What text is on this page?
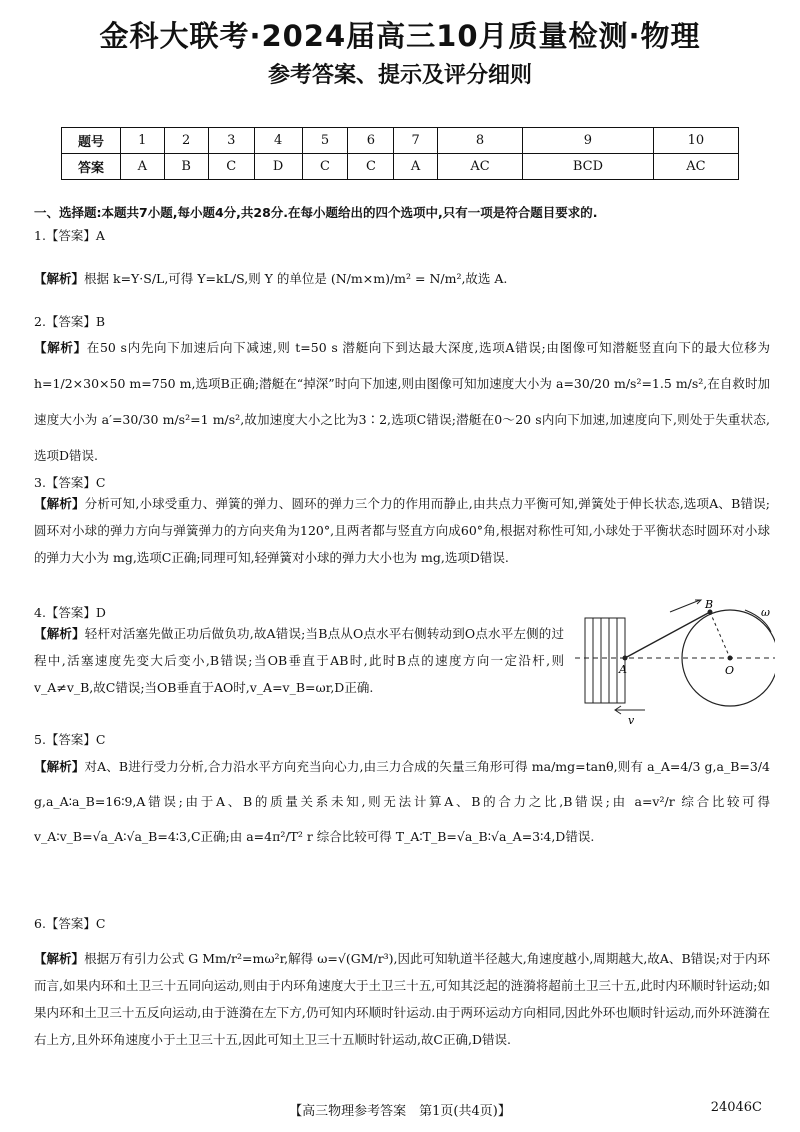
金科大联考·2024届高三10月质量检测·物理
参考答案、提示及评分细则
题号	1	2	3	4	5	6	7	8	9	10
答案	A	B	C	D	C	C	A	AC	BCD	AC
一、选择题:本题共7小题,每小题4分,共28分.在每小题给出的四个选项中,只有一项是符合题目要求的.
1.【答案】A
【解析】根据 k=Y·S/L,可得 Y=kL/S,则 Y 的单位是 (N/m×m)/m² = N/m²,故选 A.
2.【答案】B
【解析】在50 s内先向下加速后向下减速,则 t=50 s 潜艇向下到达最大深度,选项A错误;由图像可知潜艇竖直向下的最大位移为 h=1/2×30×50 m=750 m,选项B正确;潜艇在“掉深”时向下加速,则由图像可知加速度大小为 a=30/20 m/s²=1.5 m/s²,在自救时加速度大小为 a′=30/30 m/s²=1 m/s²,故加速度大小之比为3∶2,选项C错误;潜艇在0～20 s内向下加速,加速度向下,则处于失重状态,选项D错误.
3.【答案】C
【解析】分析可知,小球受重力、弹簧的弹力、圆环的弹力三个力的作用而静止,由共点力平衡可知,弹簧处于伸长状态,选项A、B错误;圆环对小球的弹力方向与弹簧弹力的方向夹角为120°,且两者都与竖直方向成60°角,根据对称性可知,小球处于平衡状态时圆环对小球的弹力大小为 mg,选项C正确;同理可知,轻弹簧对小球的弹力大小也为 mg,选项D错误.
4.【答案】D
【解析】轻杆对活塞先做正功后做负功,故A错误;当B点从O点水平右侧转动到O点水平左侧的过程中,活塞速度先变大后变小,B错误;当OB垂直于AB时,此时B点的速度方向一定沿杆,则 v_A≠v_B,故C错误;当OB垂直于AO时,v_A=v_B=ωr,D正确.
B
ω
O
A
v
5.【答案】C
【解析】对A、B进行受力分析,合力沿水平方向充当向心力,由三力合成的矢量三角形可得 ma/mg=tanθ,则有 a_A=4/3 g,a_B=3/4 g,a_A∶a_B=16∶9,A错误;由于A、B的质量关系未知,则无法计算A、B的合力之比,B错误;由 a=v²/r 综合比较可得 v_A∶v_B=√a_A∶√a_B=4∶3,C正确;由 a=4π²/T² r 综合比较可得 T_A∶T_B=√a_B∶√a_A=3∶4,D错误.
6.【答案】C
【解析】根据万有引力公式 G Mm/r²=mω²r,解得 ω=√(GM/r³),因此可知轨道半径越大,角速度越小,周期越大,故A、B错误;对于内环而言,如果内环和土卫三十五同向运动,则由于内环角速度大于土卫三十五,可知其泛起的涟漪将超前土卫三十五,此时内环顺时针运动;如果内环和土卫三十五反向运动,由于涟漪在左下方,仍可知内环顺时针运动.由于两环运动方向相同,因此外环也顺时针运动,而外环涟漪在右上方,且外环角速度小于土卫三十五,因此可知土卫三十五顺时针运动,故C正确,D错误.
【高三物理参考答案　第1页(共4页)】	24046C
